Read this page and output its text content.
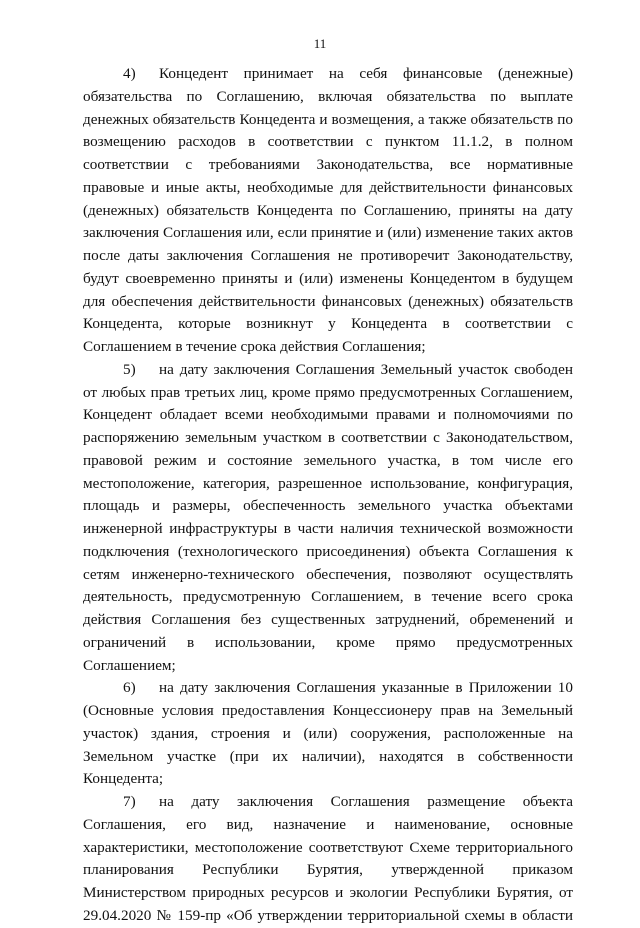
11
4) Концедент принимает на себя финансовые (денежные)
обязательства по Соглашению, включая обязательства по выплате
денежных обязательств Концедента и возмещения, а также обязательств по
возмещению расходов в соответствии с пунктом 11.1.2, в полном
соответствии с требованиями Законодательства, все нормативные
правовые и иные акты, необходимые для действительности финансовых
(денежных) обязательств Концедента по Соглашению, приняты на дату
заключения Соглашения или, если принятие и (или) изменение таких актов
после даты заключения Соглашения не противоречит Законодательству,
будут своевременно приняты и (или) изменены Концедентом в будущем
для обеспечения действительности финансовых (денежных) обязательств
Концедента, которые возникнут у Концедента в соответствии с
Соглашением в течение срока действия Соглашения;
5) на дату заключения Соглашения Земельный участок свободен
от любых прав третьих лиц, кроме прямо предусмотренных Соглашением,
Концедент обладает всеми необходимыми правами и полномочиями по
распоряжению земельным участком в соответствии с Законодательством,
правовой режим и состояние земельного участка, в том числе его
местоположение, категория, разрешенное использование, конфигурация,
площадь и размеры, обеспеченность земельного участка объектами
инженерной инфраструктуры в части наличия технической возможности
подключения (технологического присоединения) объекта Соглашения к
сетям инженерно-технического обеспечения, позволяют осуществлять
деятельность, предусмотренную Соглашением, в течение всего срока
действия Соглашения без существенных затруднений, обременений и
ограничений в использовании, кроме прямо предусмотренных
Соглашением;
6) на дату заключения Соглашения указанные в Приложении 10
(Основные условия предоставления Концессионеру прав на Земельный
участок) здания, строения и (или) сооружения, расположенные на
Земельном участке (при их наличии), находятся в собственности
Концедента;
7) на дату заключения Соглашения размещение объекта
Соглашения, его вид, назначение и наименование, основные
характеристики, местоположение соответствуют Схеме территориального
планирования Республики Бурятия, утвержденной приказом
Министерством природных ресурсов и экологии Республики Бурятия, от
29.04.2020 № 159-пр «Об утверждении территориальной схемы в области
